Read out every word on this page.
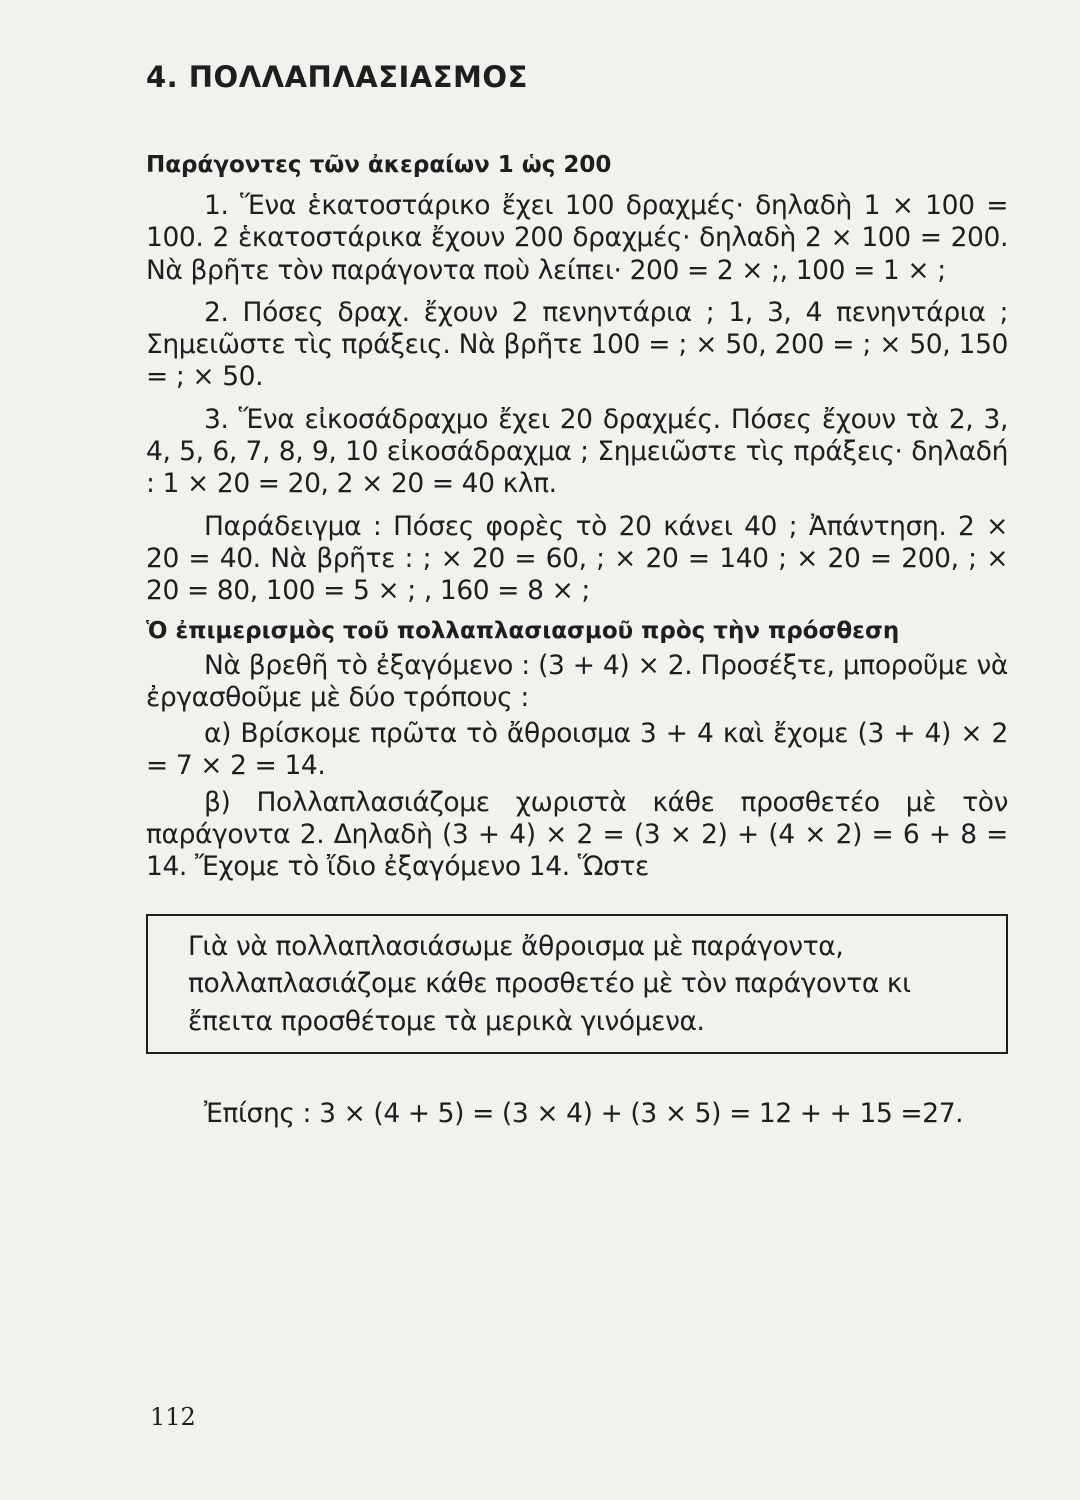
4. ΠΟΛΛΑΠΛΑΣΙΑΣΜΟΣ
Παράγοντες τῶν ἀκεραίων 1 ὡς 200

1. Ἕνα ἑκατοστάρικο ἔχει 100 δραχμές· δηλαδὴ 1 × 100 = 100. 2 ἑκατοστάρικα ἔχουν 200 δραχμές· δηλαδὴ 2 × 100 = 200. Νὰ βρῆτε τὸν παράγοντα ποὺ λείπει· 200 = 2 × ;, 100 = 1 × ;

2. Πόσες δραχ. ἔχουν 2 πενηντάρια ; 1, 3, 4 πενηντάρια ; Σημειῶστε τὶς πράξεις. Νὰ βρῆτε 100 = ; × 50, 200 = ; × 50, 150 = ; × 50.

3. Ἕνα εἰκοσάδραχμο ἔχει 20 δραχμές. Πόσες ἔχουν τὰ 2, 3, 4, 5, 6, 7, 8, 9, 10 εἰκοσάδραχμα ; Σημειῶστε τὶς πράξεις· δηλαδή : 1 × 20 = 20, 2 × 20 = 40 κλπ.

Παράδειγμα : Πόσες φορὲς τὸ 20 κάνει 40 ; Ἀπάντηση. 2 × 20 = 40. Νὰ βρῆτε : ; × 20 = 60, ; × 20 = 140 ; × 20 = 200, ; × 20 = 80, 100 = 5 × ; , 160 = 8 × ;

Ὁ ἐπιμερισμὸς τοῦ πολλαπλασιασμοῦ πρὸς τὴν πρόσθεση

Νὰ βρεθῆ τὸ ἐξαγόμενο : (3 + 4) × 2. Προσέξτε, μποροῦμε νὰ ἐργασθοῦμε μὲ δύο τρόπους :

α) Βρίσκομε πρῶτα τὸ ἄθροισμα 3 + 4 καὶ ἔχομε (3 + 4) × 2 = 7 × 2 = 14.

β) Πολλαπλασιάζομε χωριστὰ κάθε προσθετέο μὲ τὸν παράγοντα 2. Δηλαδὴ (3 + 4) × 2 = (3 × 2) + (4 × 2) = 6 + 8 = 14. Ἔχομε τὸ ἴδιο ἐξαγόμενο 14. Ὥστε

Γιὰ νὰ πολλαπλασιάσωμε ἄθροισμα μὲ παράγοντα, πολλαπλασιάζομε κάθε προσθετέο μὲ τὸν παράγοντα κι ἔπειτα προσθέτομε τὰ μερικὰ γινόμενα.

Ἐπίσης : 3 × (4 + 5) = (3 × 4) + (3 × 5) = 12 + + 15 =27.

112
